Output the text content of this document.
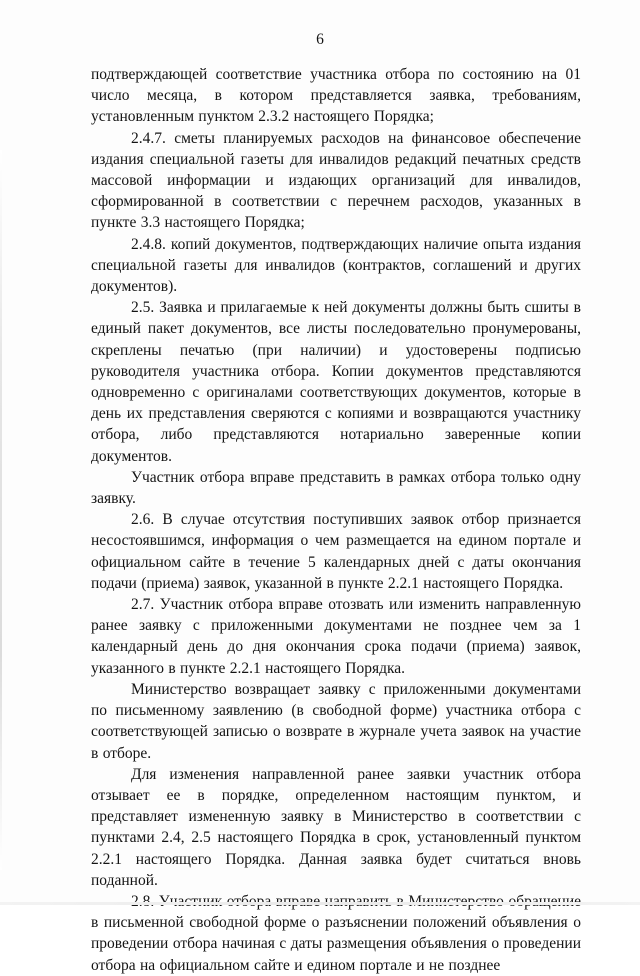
6

подтверждающей соответствие участника отбора по состоянию на 01 число месяца, в котором представляется заявка, требованиям, установленным пунктом 2.3.2 настоящего Порядка;

2.4.7. сметы планируемых расходов на финансовое обеспечение издания специальной газеты для инвалидов редакций печатных средств массовой информации и издающих организаций для инвалидов, сформированной в соответствии с перечнем расходов, указанных в пункте 3.3 настоящего Порядка;

2.4.8. копий документов, подтверждающих наличие опыта издания специальной газеты для инвалидов (контрактов, соглашений и других документов).

2.5. Заявка и прилагаемые к ней документы должны быть сшиты в единый пакет документов, все листы последовательно пронумерованы, скреплены печатью (при наличии) и удостоверены подписью руководителя участника отбора. Копии документов представляются одновременно с оригиналами соответствующих документов, которые в день их представления сверяются с копиями и возвращаются участнику отбора, либо представляются нотариально заверенные копии документов.

Участник отбора вправе представить в рамках отбора только одну заявку.

2.6. В случае отсутствия поступивших заявок отбор признается несостоявшимся, информация о чем размещается на едином портале и официальном сайте в течение 5 календарных дней с даты окончания подачи (приема) заявок, указанной в пункте 2.2.1 настоящего Порядка.

2.7. Участник отбора вправе отозвать или изменить направленную ранее заявку с приложенными документами не позднее чем за 1 календарный день до дня окончания срока подачи (приема) заявок, указанного в пункте 2.2.1 настоящего Порядка.

Министерство возвращает заявку с приложенными документами по письменному заявлению (в свободной форме) участника отбора с соответствующей записью о возврате в журнале учета заявок на участие в отборе.

Для изменения направленной ранее заявки участник отбора отзывает ее в порядке, определенном настоящим пунктом, и представляет измененную заявку в Министерство в соответствии с пунктами 2.4, 2.5 настоящего Порядка в срок, установленный пунктом 2.2.1 настоящего Порядка. Данная заявка будет считаться вновь поданной.

в письменной свободной форме о разъяснении положений объявления о проведении отбора начиная с даты размещения объявления о проведении отбора на официальном сайте и едином портале и не позднее
